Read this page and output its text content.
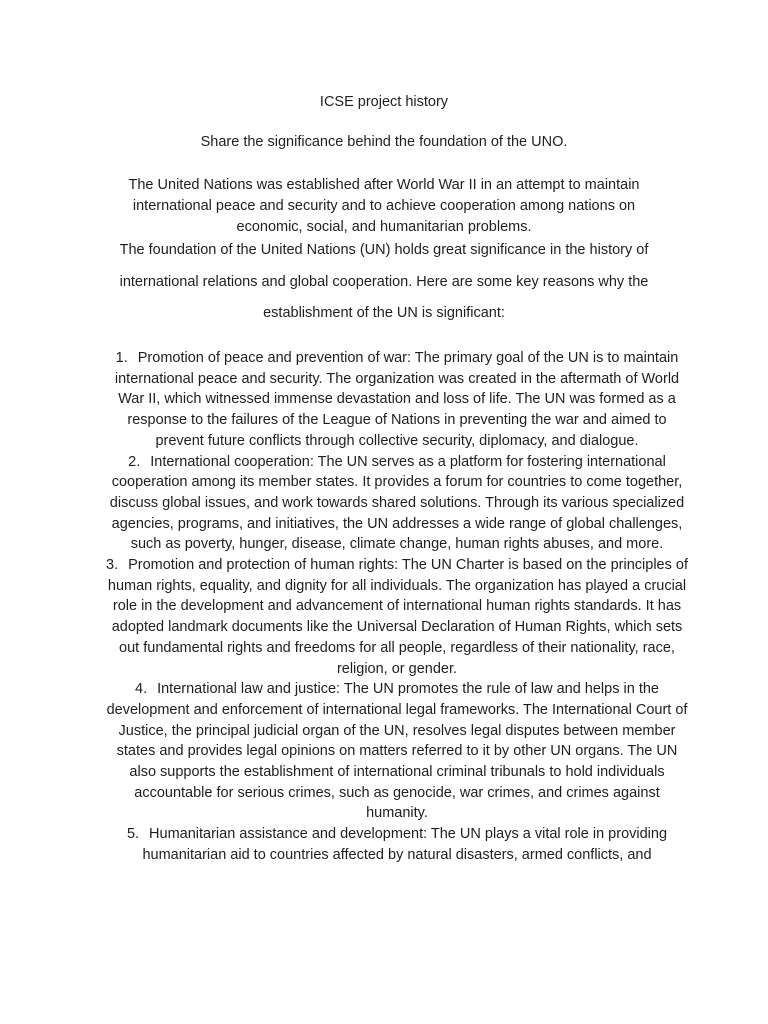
ICSE project history
Share the significance behind the foundation of the UNO.

The United Nations was established after World War II in an attempt to maintain international peace and security and to achieve cooperation among nations on economic, social, and humanitarian problems.

The foundation of the United Nations (UN) holds great significance in the history of international relations and global cooperation. Here are some key reasons why the establishment of the UN is significant:

1. Promotion of peace and prevention of war: The primary goal of the UN is to maintain international peace and security. The organization was created in the aftermath of World War II, which witnessed immense devastation and loss of life. The UN was formed as a response to the failures of the League of Nations in preventing the war and aimed to prevent future conflicts through collective security, diplomacy, and dialogue.
2. International cooperation: The UN serves as a platform for fostering international cooperation among its member states. It provides a forum for countries to come together, discuss global issues, and work towards shared solutions. Through its various specialized agencies, programs, and initiatives, the UN addresses a wide range of global challenges, such as poverty, hunger, disease, climate change, human rights abuses, and more.
3. Promotion and protection of human rights: The UN Charter is based on the principles of human rights, equality, and dignity for all individuals. The organization has played a crucial role in the development and advancement of international human rights standards. It has adopted landmark documents like the Universal Declaration of Human Rights, which sets out fundamental rights and freedoms for all people, regardless of their nationality, race, religion, or gender.
4. International law and justice: The UN promotes the rule of law and helps in the development and enforcement of international legal frameworks. The International Court of Justice, the principal judicial organ of the UN, resolves legal disputes between member states and provides legal opinions on matters referred to it by other UN organs. The UN also supports the establishment of international criminal tribunals to hold individuals accountable for serious crimes, such as genocide, war crimes, and crimes against humanity.
5. Humanitarian assistance and development: The UN plays a vital role in providing humanitarian aid to countries affected by natural disasters, armed conflicts, and
